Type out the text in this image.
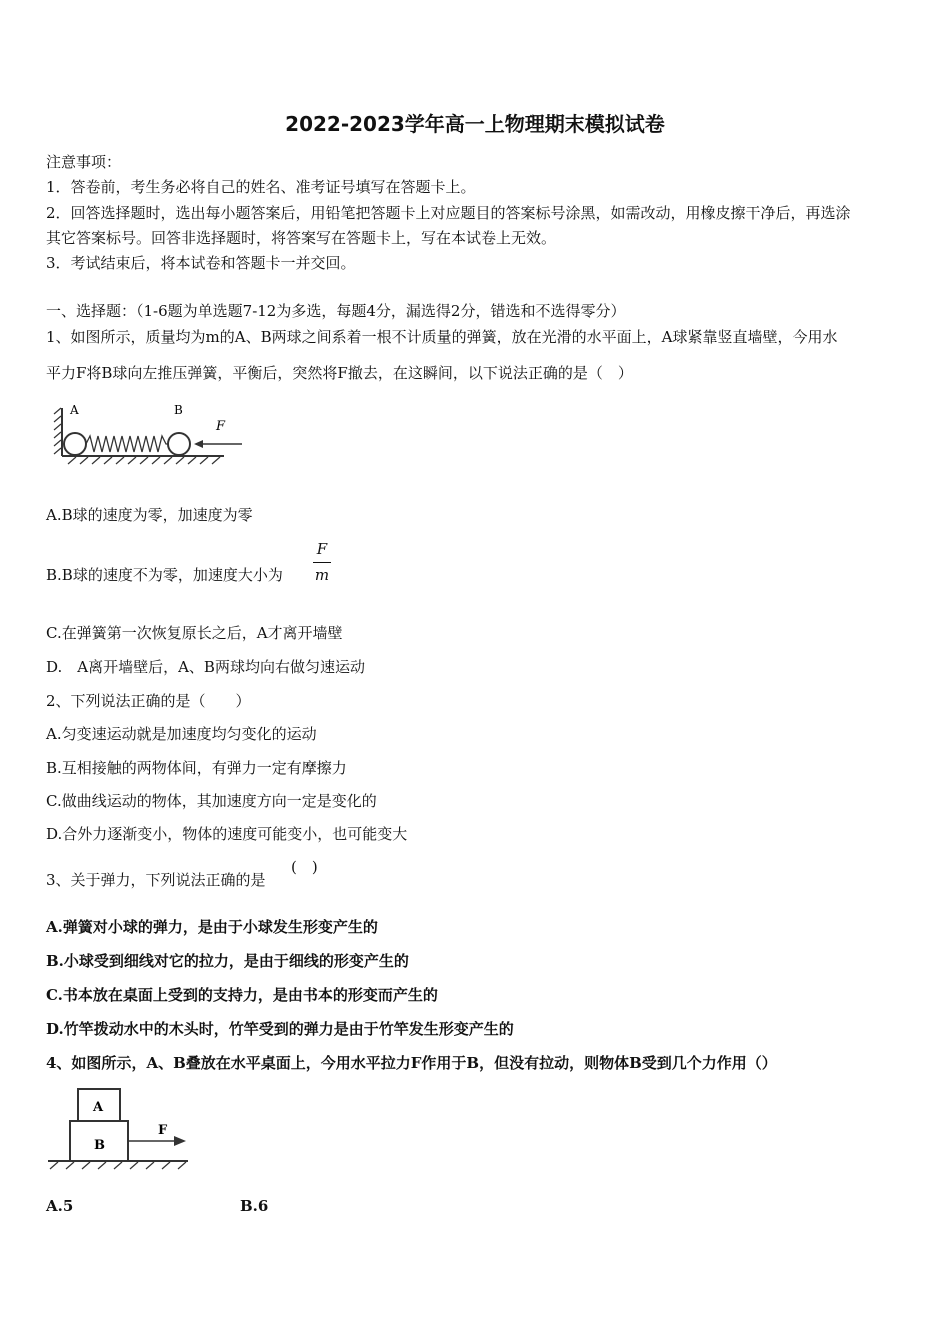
2022-2023学年高一上物理期末模拟试卷
注意事项：
1．答卷前，考生务必将自己的姓名、准考证号填写在答题卡上。
2．回答选择题时，选出每小题答案后，用铅笔把答题卡上对应题目的答案标号涂黑，如需改动，用橡皮擦干净后，再选涂
其它答案标号。回答非选择题时，将答案写在答题卡上，写在本试卷上无效。
3．考试结束后，将本试卷和答题卡一并交回。
一、选择题：（1-6题为单选题7-12为多选，每题4分，漏选得2分，错选和不选得零分）
1、如图所示，质量均为m的A、B两球之间系着一根不计质量的弹簧，放在光滑的水平面上，A球紧靠竖直墙壁，今用水
平力F将B球向左推压弹簧，平衡后，突然将F撤去，在这瞬间，以下说法正确的是（　）
A	B
F
A.B球的速度为零，加速度为零
B.B球的速度不为零，加速度大小为
F
m
C.在弹簧第一次恢复原长之后，A才离开墙壁
D.　A离开墙壁后，A、B两球均向右做匀速运动
2、下列说法正确的是（　　）
A.匀变速运动就是加速度均匀变化的运动
B.互相接触的两物体间，有弹力一定有摩擦力
C.做曲线运动的物体，其加速度方向一定是变化的
D.合外力逐渐变小，物体的速度可能变小，也可能变大
3、关于弹力，下列说法正确的是
(　)
A.弹簧对小球的弹力，是由于小球发生形变产生的
B.小球受到细线对它的拉力，是由于细线的形变产生的
C.书本放在桌面上受到的支持力，是由书本的形变而产生的
D.竹竿拨动水中的木头时，竹竿受到的弹力是由于竹竿发生形变产生的
4、如图所示，A、B叠放在水平桌面上，今用水平拉力F作用于B，但没有拉动，则物体B受到几个力作用（）
A
B
F
A.5	B.6
